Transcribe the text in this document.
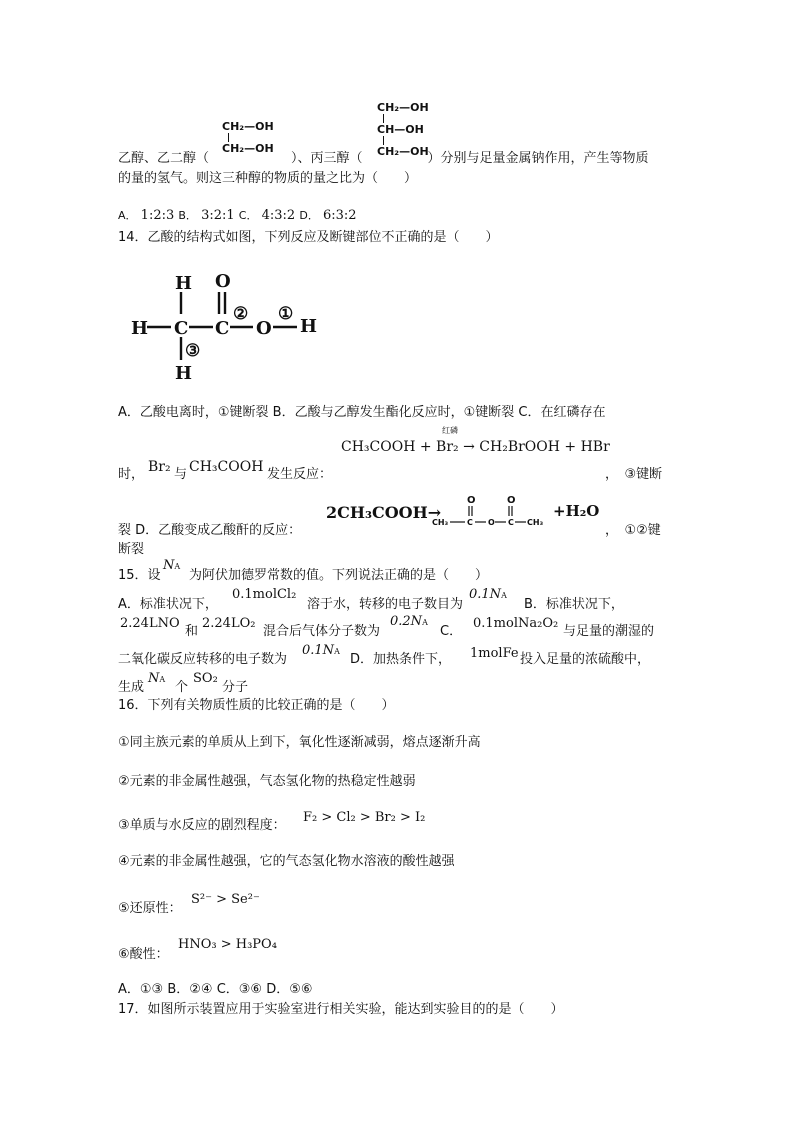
CH₂—OH
CH₂—OH
CH₂—OH
CH—OH
CH₂—OH
乙醇、乙二醇（	）、丙三醇（	）分别与足量金属钠作用，产生等物质
的量的氢气。则这三种醇的物质的量之比为（　　）
A． 1:2:3 B． 3:2:1 C． 4:3:2 D． 6:3:2
14．乙酸的结构式如图，下列反应及断键部位不正确的是（　　）
H O
H C C O H
H
② ①
③
A．乙酸电离时，①键断裂 B．乙酸与乙醇发生酯化反应时，①键断裂 C．在红磷存在
红磷
CH₃COOH + Br₂ → CH₂BrOOH + HBr
时， Br₂ 与 CH₃COOH 发生反应：	，　③键断
2CH₃COOH→
CH₃ C O C CH₃
O	O
+H₂O
裂 D．乙酸变成乙酸酐的反应：	，　①②键
断裂
15．设
NA
为阿伏加德罗常数的值。下列说法正确的是（　　）
A．标准状况下，
0.1molCl₂
溶于水，转移的电子数目为
0.1NA
B．标准状况下，
2.24LNO
和
2.24LO₂
混合后气体分子数为
0.2NA
C．
0.1molNa₂O₂
与足量的潮湿的
二氧化碳反应转移的电子数为
0.1NA
D．加热条件下， 1molFe 投入足量的浓硫酸中，
生成
NA
个
SO₂
分子
16．下列有关物质性质的比较正确的是（　　）
①同主族元素的单质从上到下，氧化性逐渐减弱，熔点逐渐升高
②元素的非金属性越强，气态氢化物的热稳定性越弱
③单质与水反应的剧烈程度：
F₂ > Cl₂ > Br₂ > I₂
④元素的非金属性越强，它的气态氢化物水溶液的酸性越强
⑤还原性：
S²⁻ > Se²⁻
⑥酸性：
HNO₃ > H₃PO₄
A．①③ B．②④ C．③⑥ D．⑤⑥
17．如图所示装置应用于实验室进行相关实验，能达到实验目的的是（　　）
